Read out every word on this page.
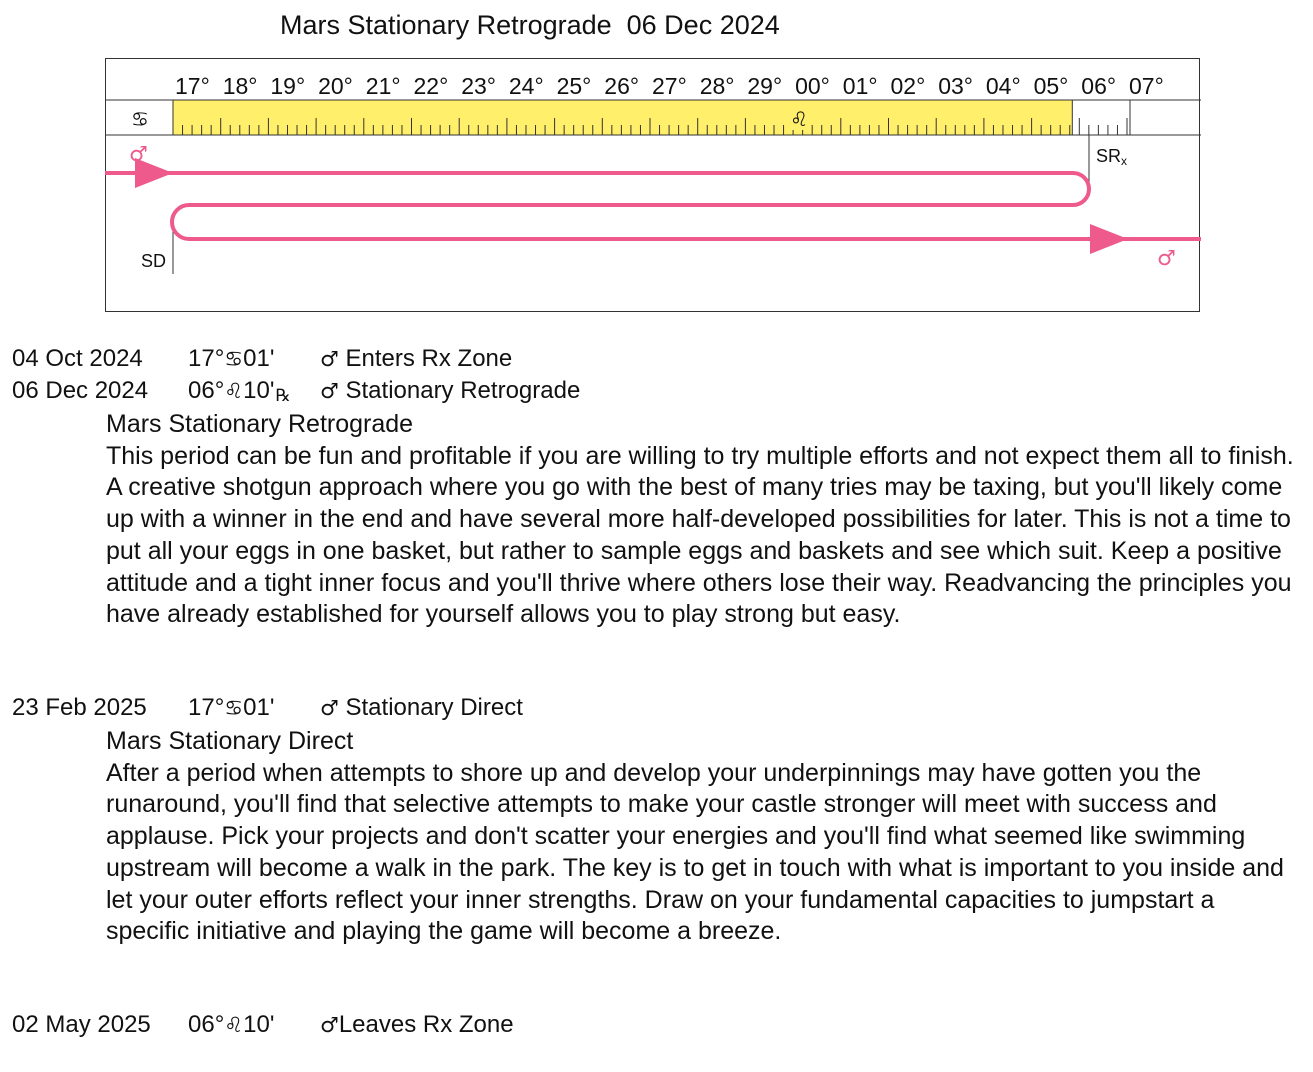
Mars Stationary Retrograde  06 Dec 2024
17° 18° 19° 20° 21° 22° 23° 24° 25° 26° 27° 28° 29° 00° 01° 02° 03° 04° 05° 06° 07°
♋	♌
SRx
SD
♂
♂
04 Oct 2024 17°♋01' ♂ Enters Rx Zone
06 Dec 2024 06°♌10'℞ ♂ Stationary Retrograde
Mars Stationary Retrograde
This period can be fun and profitable if you are willing to try multiple efforts and not expect them all to finish. A creative shotgun approach where you go with the best of many tries may be taxing, but you'll likely come up with a winner in the end and have several more half-developed possibilities for later. This is not a time to put all your eggs in one basket, but rather to sample eggs and baskets and see which suit. Keep a positive attitude and a tight inner focus and you'll thrive where others lose their way. Readvancing the principles you have already established for yourself allows you to play strong but easy.
23 Feb 2025 17°♋01' ♂ Stationary Direct
Mars Stationary Direct
After a period when attempts to shore up and develop your underpinnings may have gotten you the runaround, you'll find that selective attempts to make your castle stronger will meet with success and applause. Pick your projects and don't scatter your energies and you'll find what seemed like swimming upstream will become a walk in the park. The key is to get in touch with what is important to you inside and let your outer efforts reflect your inner strengths. Draw on your fundamental capacities to jumpstart a specific initiative and playing the game will become a breeze.
02 May 2025 06°♌10' ♂Leaves Rx Zone
